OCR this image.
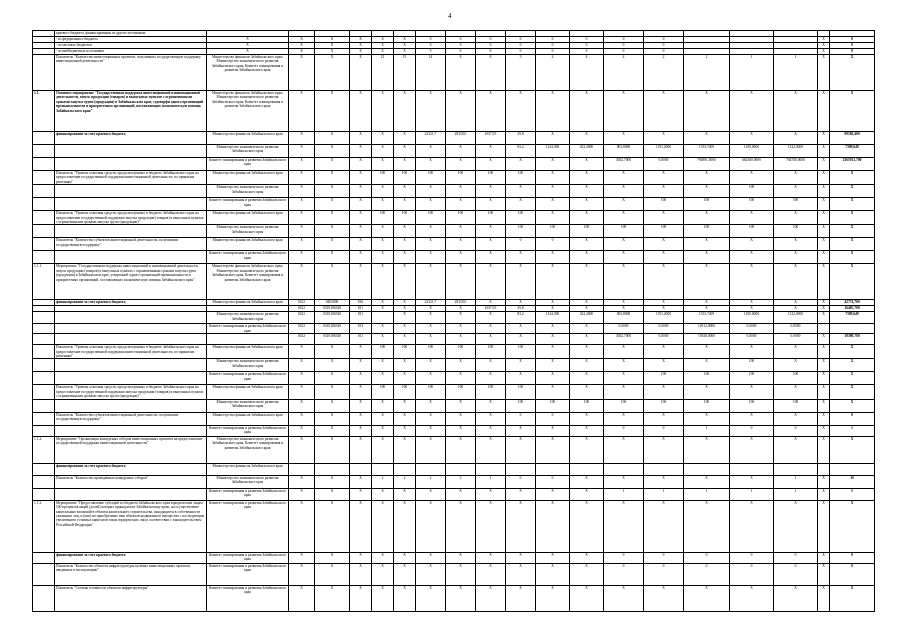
4
	краевого бюджета, финансирования из других источников:																			
	- из федерального бюджета	X	X	X	X	X	X	0	0	0	0	0	0	0	0				X	0
	- из местных бюджетов	X	X	X	X	X	X	0	0	0	0	0	0	0	0				X	0
	- из внебюджетных источников	X	X	X	X	X	X	0	0	0	0	0	0	0	0				X	0
	Показатель "Количество инвестиционных проектов, получивших государственную поддержку инвестиционной деятельности"	Министерство финансов Забайкальского края; Министерство экономического развития Забайкальского края; Комитет планирования и развития Забайкальского края	X	X	X	21	15	14	8	8	5	4	4	4	2	2	1	1	X	X
1.1.	Основное мероприятие "Государственная поддержка инвестиционной и инновационной деятельности, запуск продукции (товаров) и выпускных пунктов с ограниченными сроками запуска групп (продукции) в Забайкальском крае, судоверфи одного организаций промышленности и приоритетных организаций, поставляющих экономическую помощь Забайкальского края"	Министерство финансов Забайкальского края; Министерство экономического развития Забайкальского края; Комитет планирования и развития Забайкальского края	X	X	X	X	X	X	X	X	X	X	X	X	X	X	X	X	X	X
	финансирование за счет краевого бюджета	Министерство финансов Забайкальского края	X	X	X	X	X	22321,7	28150,0	16373,9	29,8	X	X	X	X	X	X	X	X	99180,400
		Министерство экономического развития Забайкальского края	X	X	X	X	X	X	X	X	83,2	1144,300	432,4000	902,8000	1191,2000	1333,7409	1100,0000	1122,0000	X	7389,649
		Комитет планирования и развития Забайкальского края	X	X	X	X	X	X	X	X	X	X	X	3562,7000	0,0000	794891,0000	662360,0000	704700,0000	X	2365912,700
	Показатель "Уровень освоения средств, предусмотренных в бюджете Забайкальского края на предоставление государственной поддержки инвестиционной деятельности, по принятым решениям"	Министерство финансов Забайкальского края	X	X	X	100	100	100	100	100	100	X	X	X	X	X	X	X	X	X
		Министерство экономического развития Забайкальского края	X	X	X	X	X	X	X	X	X	X	X	X	X	X	100	X	X	X
		Комитет планирования и развития Забайкальского края	X	X	X	X	X	X	X	X	X	X	X	X	100	100	100	100	X	X
	Показатель "Уровень освоения средств, предусмотренных в бюджете Забайкальского края на предоставление государственной поддержки запуска продукции (товаров) в выпускных пунктах с ограниченными сроками запуска групп (продукции)"	Министерство финансов Забайкальского края	X	X	X	100	100	100	100	100	100	X	X	X	X	X	X	X	X	X
		Министерство экономического развития Забайкальского края	X	X	X	X	X	X	X	X	100	100	100	100	100	100	100	100	X	X
	Показатель "Количество субъектов инвестиционной деятельности, получивших государственную поддержку"	Министерство финансов Забайкальского края	X	X	X	X	X	X	X	X	0	0	X	X	X	X	X	X	X	X
		Комитет планирования и развития Забайкальского края	X	X	X	X	X	X	X	X	X	X	X	X	X	X	X	X	X	X
1.1.1.	Мероприятие "Государственная поддержка инвестиционной и инновационной деятельности, запуск продукции (товаров) в выпускных пунктах с ограниченными сроками запуска групп (продукции) в Забайкальском крае, ускоренной одного организаций промышленности и приоритетных организаций, поставляющих экономическую помощь Забайкальского края"	Министерство финансов Забайкальского края; Министерство экономического развития Забайкальского края; Комитет планирования и развития Забайкальского края	X	X	X	X	X	X	X	X	X	X	X	X	X	X	X	X	X	X
	финансирование за счет краевого бюджета	Министерство финансов Забайкальского края	0412	0403000	810	X	X	22321,7	28150,0	X	X	X	X	X	X	X	X	X	X	42774,700
			0412	0310106540	811	X	X	X	X	16373,9	29,8	X	X	X	X	X	X	X	X	16405,700
		Министерство экономического развития Забайкальского края	0412	0310106540	811		X	X	X	X	83,2	1144,300	432,4000	902,8000	1191,2000	1333,7409	1100,0000	1122,0000	X	7389,649
		Комитет планирования и развития Забайкальского края	0412	0310106540	813	X	X	X	X	X	X	X	X	0,0000	0,0000	12912,0000	0,0000	0,0000		
			0412	0310106540	811	X	X	X	X	X	X	X	X	3562,7000	0,0000	15928,0000	0,0000	0,0000	X	19390,700
	Показатель "Уровень освоения средств, предусмотренных в бюджете Забайкальского края на предоставление государственной поддержки инвестиционной деятельности, по принятым решениям"	Министерство финансов Забайкальского края	X	X	X	100	100	100	100	100	100	X	X	X	X	X	X	X	X	X
		Министерство экономического развития Забайкальского края	X	X	X	X	X	X	X	X	X	X	X	X	X	X	100	X	X	X
		Комитет планирования и развития Забайкальского края	X	X	X	X	X	X	X	X	X	X	X	X	100	100	100	100	X	X
	Показатель "Уровень освоения средств, предусмотренных в бюджете Забайкальского края на предоставление государственной поддержки запуска продукции (товаров) в выпускных пунктах с ограниченными сроками запуска групп (продукции)"	Министерство финансов Забайкальского края	X	X	X	100	100	100	100	100	100	X	X	X	X	X	X	X	X	X
		Министерство экономического развития Забайкальского края	X	X	X	X	X	X	X	X	100	100	100	100	100	100	100	100	X	X
	Показатель "Количество субъектов инвестиционной деятельности, получивших государственную поддержку"	Министерство финансов Забайкальского края	X	X	X	X	X	X	X	X	0	0	X	X	X	X	X	X	X	0
		Комитет планирования и развития Забайкальского края	X	X	X	X	X	X	X	X	X	X	X	0	0	1	0	0	X	1
1.1.2.	Мероприятие "Организация конкурсных отборов инвестиционных проектов на предоставление государственной поддержки инвестиционной деятельности"	Министерство экономического развития Забайкальского края; Комитет планирования и развития Забайкальского края	X	X	X	X	X	X	X	X	X	X	X	X	X	X	X	X	X	X
	финансирование за счет краевого бюджета	Министерство финансов Забайкальского края																		
	Показатель "Количество проведенных конкурсных отборов"	Министерство экономического развития Забайкальского края	X	X	X	2	2	2	3	1	0	0	X	X	X	X	X	1	X	10
		Комитет планирования и развития Забайкальского края	X	X	X	X	X	X	X	X	X	X	X	1	1	1	1	1	X	5
1.1.3.	Мероприятие "Предоставление субсидий из бюджета Забайкальского края юридическим лицам, 100 процентов акций (долей) которых принадлежит Забайкальскому краю, на осуществление капитальных вложений в объекты капитального строительства, находящиеся в собственности указанных лиц, и (или) на приобретение ими объектов недвижимого имущества с последующим увеличением уставных капиталов таких юридических лиц в соответствии с законодательством Российской Федерации"	Комитет планирования и развития Забайкальского края	X	X	X	X	X	X	X	X	X	X	X	X	X	X	X	X	X	X
	финансирование за счет краевого бюджета	Комитет планирования и развития Забайкальского края	X	X	X	X	X	X	X	X	X	X	X	0	0	0	0	0	X	0
	Показатель "Количество объектов инфраструктуры целевых инвестиционных проектов, введенных в эксплуатацию"	Комитет планирования и развития Забайкальского края	X	X	X	X	X	X	X	X	X	X	X	0	0	0	0	0	X	0
	Показатель "Степень готовности объектов инфраструктуры"	Комитет планирования и развития Забайкальского края	X	X	X	X	X	X	X	X	X	X	X	X	X	X	X	X	X	X
